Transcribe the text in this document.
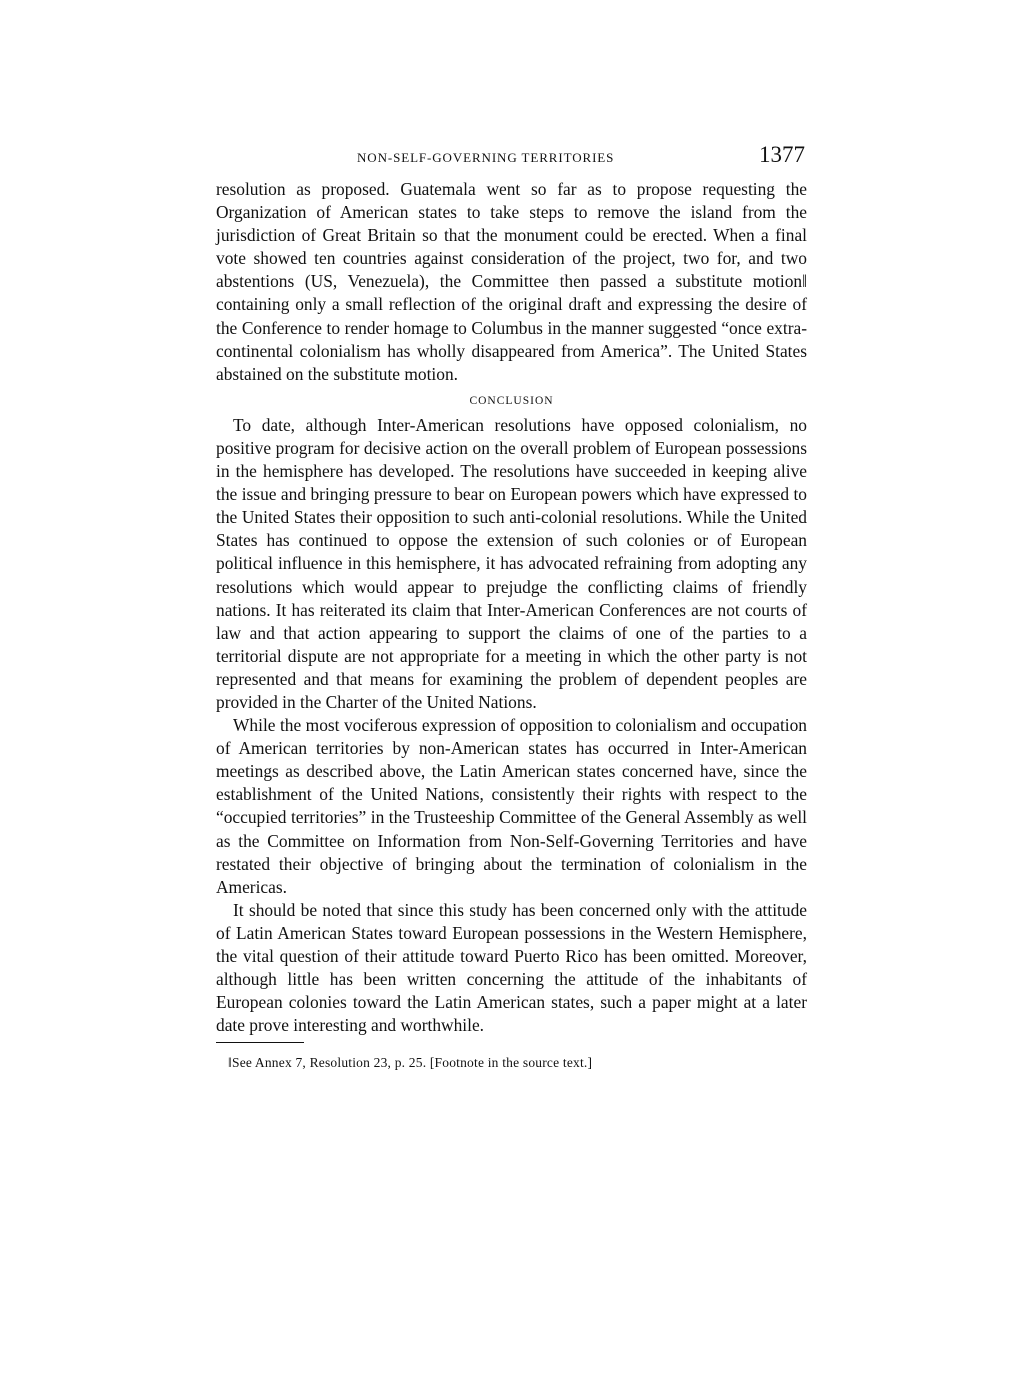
NON-SELF-GOVERNING TERRITORIES	1377

resolution as proposed. Guatemala went so far as to propose requesting the Organization of American states to take steps to remove the island from the jurisdiction of Great Britain so that the monument could be erected. When a final vote showed ten countries against consideration of the project, two for, and two abstentions (US, Venezuela), the Committee then passed a substitute motion‖ containing only a small reflection of the original draft and expressing the desire of the Conference to render homage to Columbus in the manner suggested “once extra-continental colonialism has wholly disappeared from America”. The United States abstained on the substitute motion.

CONCLUSION

To date, although Inter-American resolutions have opposed colonialism, no positive program for decisive action on the overall problem of European possessions in the hemisphere has developed. The resolutions have succeeded in keeping alive the issue and bringing pressure to bear on European powers which have expressed to the United States their opposition to such anti-colonial resolutions. While the United States has continued to oppose the extension of such colonies or of European political influence in this hemisphere, it has advocated refraining from adopting any resolutions which would appear to prejudge the conflicting claims of friendly nations. It has reiterated its claim that Inter-American Conferences are not courts of law and that action appearing to support the claims of one of the parties to a territorial dispute are not appropriate for a meeting in which the other party is not represented and that means for examining the problem of dependent peoples are provided in the Charter of the United Nations.

While the most vociferous expression of opposition to colonialism and occupation of American territories by non-American states has occurred in Inter-American meetings as described above, the Latin American states concerned have, since the establishment of the United Nations, consistently their rights with respect to the “occupied territories” in the Trusteeship Committee of the General Assembly as well as the Committee on Information from Non-Self-Governing Territories and have restated their objective of bringing about the termination of colonialism in the Americas.

It should be noted that since this study has been concerned only with the attitude of Latin American States toward European possessions in the Western Hemisphere, the vital question of their attitude toward Puerto Rico has been omitted. Moreover, although little has been written concerning the attitude of the inhabitants of European colonies toward the Latin American states, such a paper might at a later date prove interesting and worthwhile.

‖See Annex 7, Resolution 23, p. 25. [Footnote in the source text.]
